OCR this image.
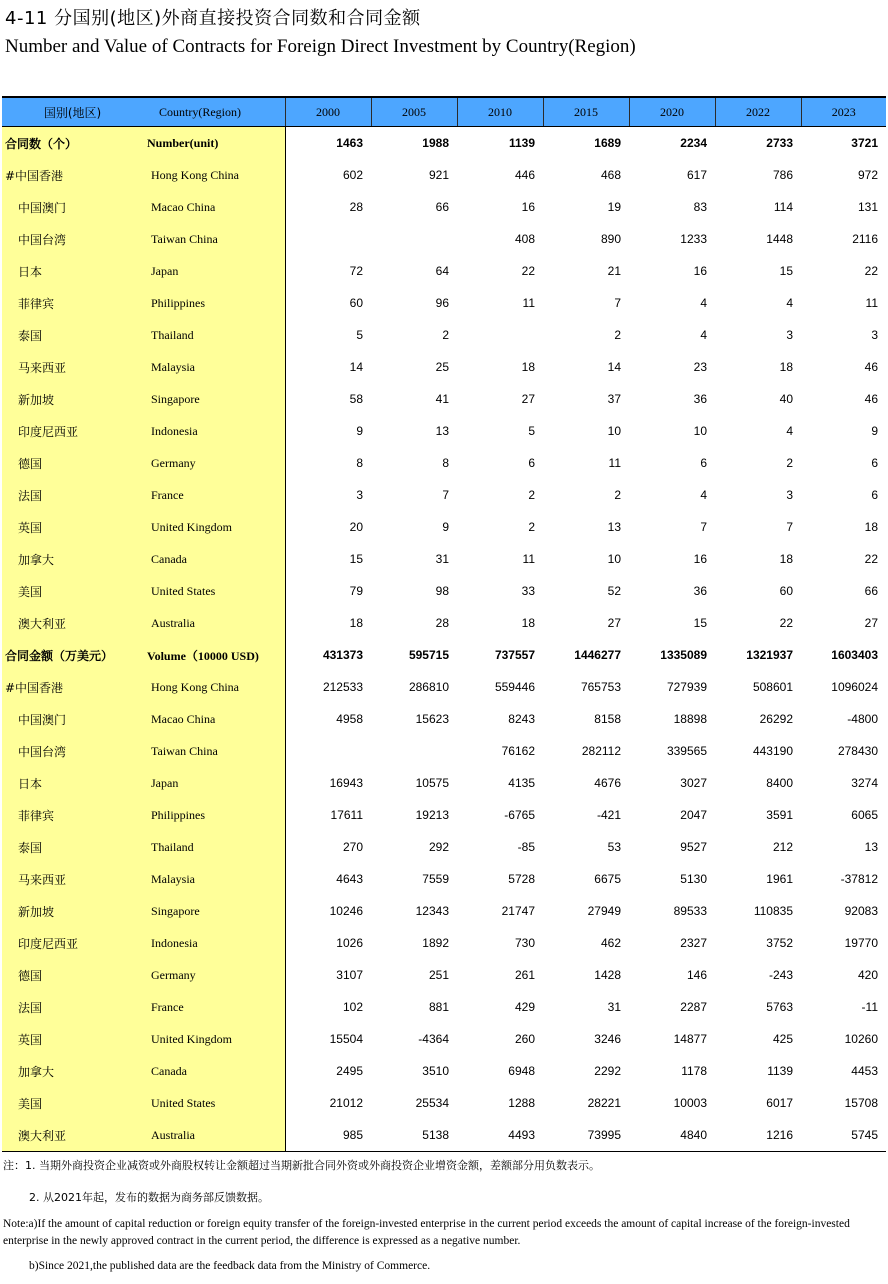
4-11 分国别(地区)外商直接投资合同数和合同金额
Number and Value of Contracts for Foreign Direct Investment by Country(Region)
国别(地区)	Country(Region)	2000	2005	2010	2015	2020	2022	2023
合同数（个）	Number(unit)	1463	1988	1139	1689	2234	2733	3721
#中国香港	Hong Kong China	602	921	446	468	617	786	972
中国澳门	Macao China	28	66	16	19	83	114	131
中国台湾	Taiwan China			408	890	1233	1448	2116
日本	Japan	72	64	22	21	16	15	22
菲律宾	Philippines	60	96	11	7	4	4	11
泰国	Thailand	5	2		2	4	3	3
马来西亚	Malaysia	14	25	18	14	23	18	46
新加坡	Singapore	58	41	27	37	36	40	46
印度尼西亚	Indonesia	9	13	5	10	10	4	9
德国	Germany	8	8	6	11	6	2	6
法国	France	3	7	2	2	4	3	6
英国	United Kingdom	20	9	2	13	7	7	18
加拿大	Canada	15	31	11	10	16	18	22
美国	United States	79	98	33	52	36	60	66
澳大利亚	Australia	18	28	18	27	15	22	27
合同金额（万美元）	Volume（10000 USD)	431373	595715	737557	1446277	1335089	1321937	1603403
#中国香港	Hong Kong China	212533	286810	559446	765753	727939	508601	1096024
中国澳门	Macao China	4958	15623	8243	8158	18898	26292	-4800
中国台湾	Taiwan China			76162	282112	339565	443190	278430
日本	Japan	16943	10575	4135	4676	3027	8400	3274
菲律宾	Philippines	17611	19213	-6765	-421	2047	3591	6065
泰国	Thailand	270	292	-85	53	9527	212	13
马来西亚	Malaysia	4643	7559	5728	6675	5130	1961	-37812
新加坡	Singapore	10246	12343	21747	27949	89533	110835	92083
印度尼西亚	Indonesia	1026	1892	730	462	2327	3752	19770
德国	Germany	3107	251	261	1428	146	-243	420
法国	France	102	881	429	31	2287	5763	-11
英国	United Kingdom	15504	-4364	260	3246	14877	425	10260
加拿大	Canada	2495	3510	6948	2292	1178	1139	4453
美国	United States	21012	25534	1288	28221	10003	6017	15708
澳大利亚	Australia	985	5138	4493	73995	4840	1216	5745

注：1. 当期外商投资企业减资或外商股权转让金额超过当期新批合同外资或外商投资企业增资金额，差额部分用负数表示。

2. 从2021年起，发布的数据为商务部反馈数据。

Note:a)If the amount of capital reduction or foreign equity transfer of the foreign-invested enterprise in the current period exceeds the amount of capital increase of the foreign-invested enterprise in the newly approved contract in the current period, the difference is expressed as a negative number.

b)Since 2021,the published data are the feedback data from the Ministry of Commerce.
